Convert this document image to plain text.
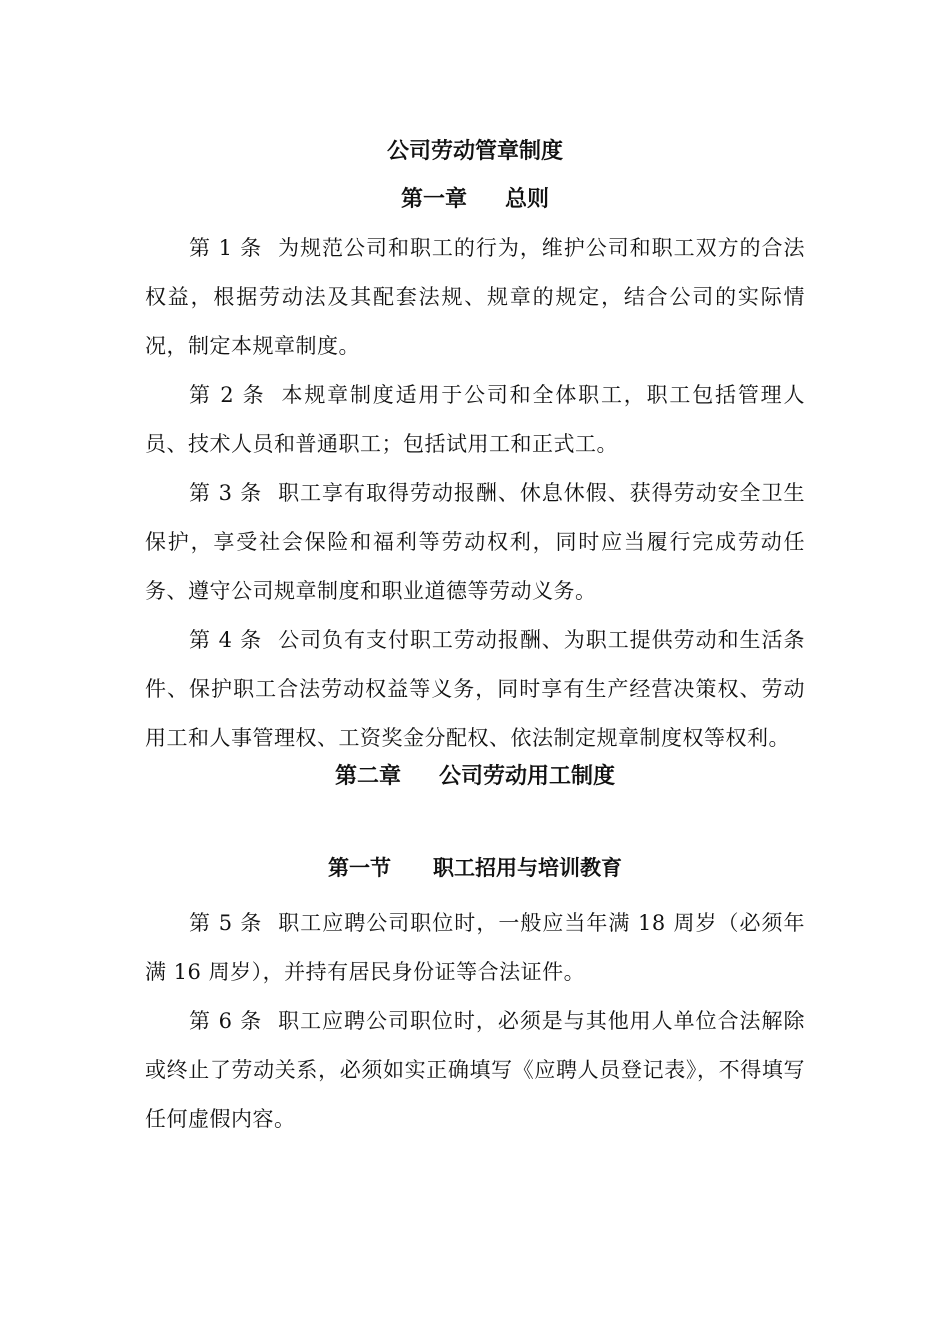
公司劳动管章制度
第一章 总则

第 1 条 为规范公司和职工的行为，维护公司和职工双方的合法权益，根据劳动法及其配套法规、规章的规定，结合公司的实际情况，制定本规章制度。

第 2 条 本规章制度适用于公司和全体职工，职工包括管理人员、技术人员和普通职工；包括试用工和正式工。

第 3 条 职工享有取得劳动报酬、休息休假、获得劳动安全卫生保护，享受社会保险和福利等劳动权利，同时应当履行完成劳动任务、遵守公司规章制度和职业道德等劳动义务。

第 4 条 公司负有支付职工劳动报酬、为职工提供劳动和生活条件、保护职工合法劳动权益等义务，同时享有生产经营决策权、劳动用工和人事管理权、工资奖金分配权、依法制定规章制度权等权利。

第二章 公司劳动用工制度
第一节 职工招用与培训教育

第 5 条 职工应聘公司职位时，一般应当年满 18 周岁（必须年满 16 周岁），并持有居民身份证等合法证件。

第 6 条 职工应聘公司职位时，必须是与其他用人单位合法解除或终止了劳动关系，必须如实正确填写《应聘人员登记表》，不得填写任何虚假内容。
